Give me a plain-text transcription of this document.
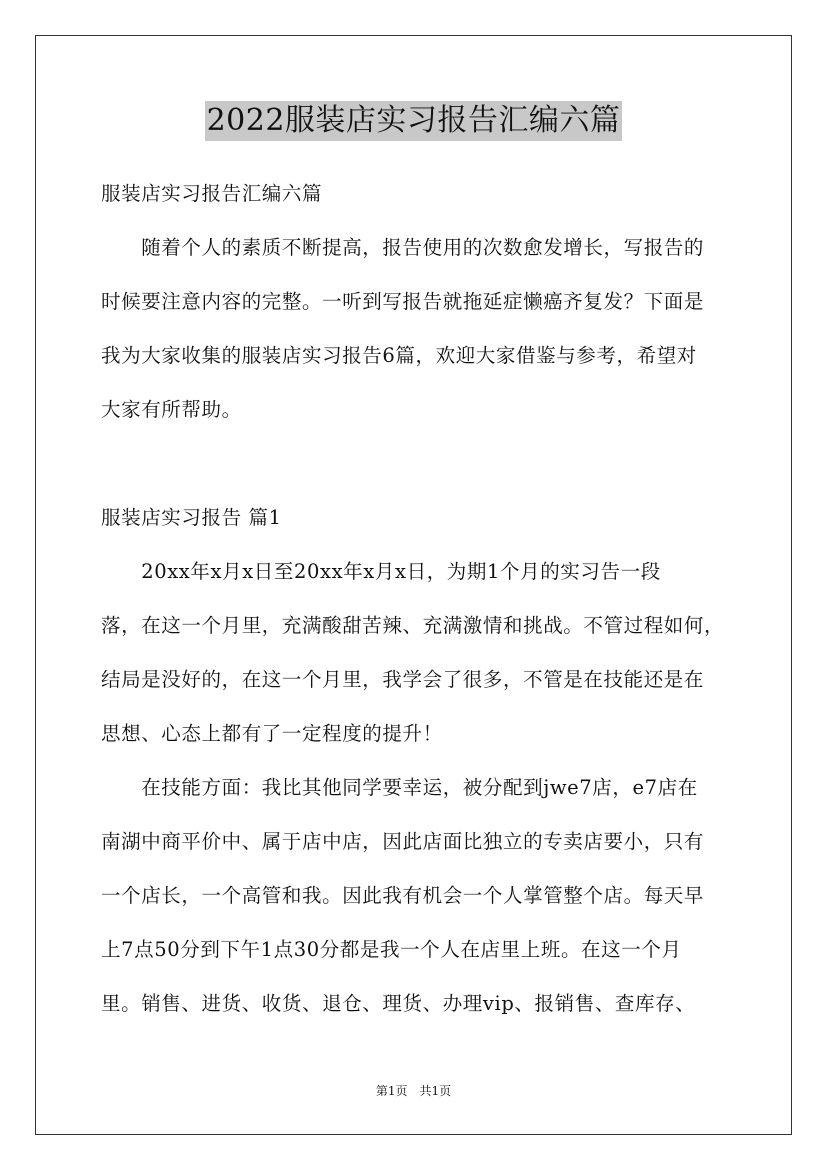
2022服装店实习报告汇编六篇
服装店实习报告汇编六篇
　　随着个人的素质不断提高，报告使用的次数愈发增长，写报告的
时候要注意内容的完整。一听到写报告就拖延症懒癌齐复发？下面是
我为大家收集的服装店实习报告6篇，欢迎大家借鉴与参考，希望对
大家有所帮助。
服装店实习报告 篇1
　　20xx年x月x日至20xx年x月x日，为期1个月的实习告一段
落，在这一个月里，充满酸甜苦辣、充满激情和挑战。不管过程如何，
结局是没好的，在这一个月里，我学会了很多，不管是在技能还是在
思想、心态上都有了一定程度的提升！
　　在技能方面：我比其他同学要幸运，被分配到jwe7店，e7店在
南湖中商平价中、属于店中店，因此店面比独立的专卖店要小，只有
一个店长，一个高管和我。因此我有机会一个人掌管整个店。每天早
上7点50分到下午1点30分都是我一个人在店里上班。在这一个月
里。销售、进货、收货、退仓、理货、办理vip、报销售、查库存、
第1页　共1页
